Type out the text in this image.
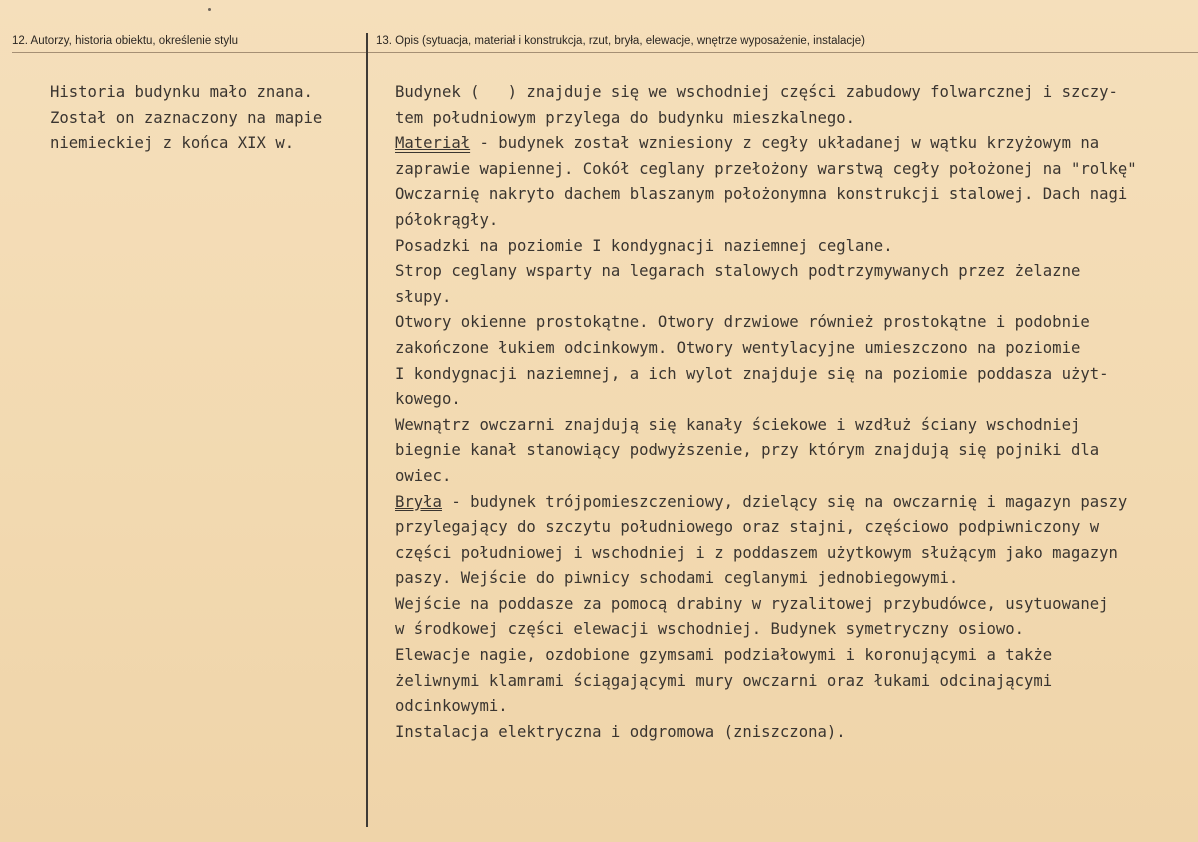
12. Autorzy, historia obiektu, określenie stylu	13. Opis (sytuacja, materiał i konstrukcja, rzut, bryła, elewacje, wnętrze wyposażenie, instalacje)
Historia budynku mało znana.
Został on zaznaczony na mapie
niemieckiej z końca XIX w.
Budynek (   ) znajduje się we wschodniej części zabudowy folwarcznej i szczy-
tem południowym przylega do budynku mieszkalnego.
Materiał - budynek został wzniesiony z cegły układanej w wątku krzyżowym na
zaprawie wapiennej. Cokół ceglany przełożony warstwą cegły położonej na "rolkę"
Owczarnię nakryto dachem blaszanym położonymna konstrukcji stalowej. Dach nagi
półokrągły.
Posadzki na poziomie I kondygnacji naziemnej ceglane.
Strop ceglany wsparty na legarach stalowych podtrzymywanych przez żelazne
słupy.
Otwory okienne prostokątne. Otwory drzwiowe również prostokątne i podobnie
zakończone łukiem odcinkowym. Otwory wentylacyjne umieszczono na poziomie
I kondygnacji naziemnej, a ich wylot znajduje się na poziomie poddasza użyt-
kowego.
Wewnątrz owczarni znajdują się kanały ściekowe i wzdłuż ściany wschodniej
biegnie kanał stanowiący podwyższenie, przy którym znajdują się pojniki dla
owiec.
Bryła - budynek trójpomieszczeniowy, dzielący się na owczarnię i magazyn paszy
przylegający do szczytu południowego oraz stajni, częściowo podpiwniczony w
części południowej i wschodniej i z poddaszem użytkowym służącym jako magazyn
paszy. Wejście do piwnicy schodami ceglanymi jednobiegowymi.
Wejście na poddasze za pomocą drabiny w ryzalitowej przybudówce, usytuowanej
w środkowej części elewacji wschodniej. Budynek symetryczny osiowo.
Elewacje nagie, ozdobione gzymsami podziałowymi i koronującymi a także
żeliwnymi klamrami ściągającymi mury owczarni oraz łukami odcinającymi
odcinkowymi.
Instalacja elektryczna i odgromowa (zniszczona).
